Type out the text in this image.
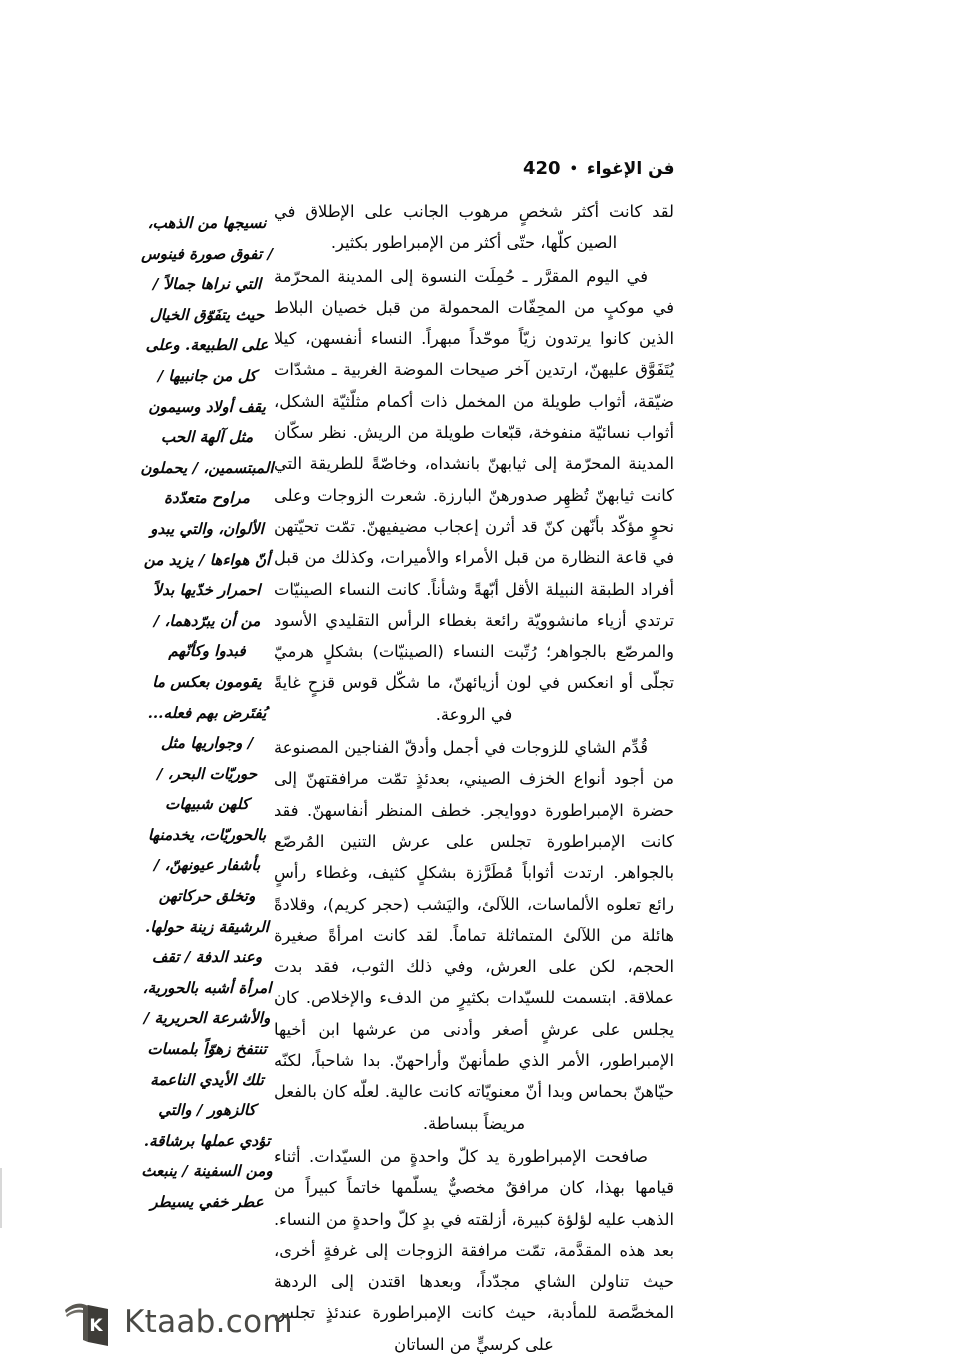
فن الإغواء•420

لقد كانت أكثر شخصٍ مرهوب الجانب على الإطلاق في الصين كلّها، حتّى أكثر من الإمبراطور بكثير.

في اليوم المقرَّر ـ حُمِلَت النسوة إلى المدينة المحرّمة في موكبٍ من المحِفّات المحمولة من قبل خصيان البلاط الذين كانوا يرتدون زيّاً موحّداً مبهراً. النساء أنفسهن، كيلا يُتَفَوَّق عليهنّ، ارتدين آخر صيحات الموضة الغربية ـ مشدّات ضيّقة، أثواب طويلة من المخمل ذات أكمام مثلّثيّة الشكل، أثواب نسائيّة منفوخة، قبّعات طويلة من الريش. نظر سكّان المدينة المحرّمة إلى ثيابهنّ بانشداه، وخاصّةً للطريقة التي كانت ثيابهنّ تُظهِر صدورهنّ البارزة. شعرت الزوجات وعلى نحوٍ مؤكّد بأنّهن كنّ قد أثرن إعجاب مضيفيهنّ. تمّت تحيّتهن في قاعة النظارة من قبل الأمراء والأميرات، وكذلك من قبل أفراد الطبقة النبيلة الأقل أبّهةً وشأناً. كانت النساء الصينيّات ترتدي أزياء مانشوويّة رائعة بغطاء الرأس التقليدي الأسود والمرصّع بالجواهر؛ رُتّبت النساء (الصينيّات) بشكلٍ هرميّ تجلّى أو انعكس في لون أزيائهنّ، ما شكّل قوس قزحٍ غايةً في الروعة.

قُدِّم الشاي للزوجات في أجمل وأدقّ الفناجين المصنوعة من أجود أنواع الخزف الصيني، بعدئذٍ تمّت مرافقتهنّ إلى حضرة الإمبراطورة دووايجر. خطف المنظر أنفاسهنّ. فقد كانت الإمبراطورة تجلس على عرش التنين المُرصّع بالجواهر. ارتدت أثواباً مُطَرَّزة بشكلٍ كثيف، وغطاء رأسٍ رائع تعلوه الألماسات، اللآلئ، واليَشب (حجر كريم)، وقلادةً هائلة من اللآلئ المتماثلة تماماً. لقد كانت امرأةً صغيرة الحجم، لكن على العرش، وفي ذلك الثوب، فقد بدت عملاقة. ابتسمت للسيّدات بكثيرٍ من الدفء والإخلاص. كان يجلس على عرشٍ أصغر وأدنى من عرشها ابن أخيها الإمبراطور، الأمر الذي طمأنهنّ وأراحهنّ. بدا شاحباً، لكنّه حيّاهنّ بحماس وبدا أنّ معنويّاته كانت عالية. لعلّه كان بالفعل مريضاً ببساطة.

صافحت الإمبراطورة يد كلّ واحدةٍ من السيّدات. أثناء قيامها بهذا، كان مرافقٌ مخصيٌّ يسلّمها خاتماً كبيراً من الذهب عليه لؤلؤة كبيرة، أزلقته في بدٍ كلّ واحدةٍ من النساء. بعد هذه المقدَّمة، تمّت مرافقة الزوجات إلى غرفةٍ أخرى، حيث تناولن الشاي مجدّداً، وبعدها اقتدن إلى الردهة المخصَّصة للمأدبة، حيث كانت الإمبراطورة عندئذٍ تجلس على كرسيٍّ من الساتان

نسيجها من الذهب،

/ تفوق صورة فينوس

التي نراها جمالاً /

حيث يتفَوّق الخيال

على الطبيعة. وعلى

كل من جانبيها /

يقف أولاد وسيمون

مثل آلهة الحب

المبتسمين، / يحملون

مراوح متعدّدة

الألوان، والتي يبدو

أنّ هواءها / يزيد من

احمرار خدّيها بدلاً

من أن يبرّدهما، /

فبدوا وكأنّهم

يقومون بعكس ما

يُفتَرض بهم فعله...

/ وجواريها مثل

حوريّات البحر، /

كلهن شبيهات

بالحوريّات، يخدمنها

بأشفار عيونهنّ، /

وتخلق حركاتهن

الرشيقة زينة حولها.

وعند الدفة / تقف

امرأة أشبه بالحورية،

والأشرعة الحريرية /

تنتفخ زهوّاً بلمسات

تلك الأيدي الناعمة

كالزهور / والتي

تؤدي عملها برشاقة.

ومن السفينة / ينبعث

عطر خفي يسيطر

K Ktaab.com
